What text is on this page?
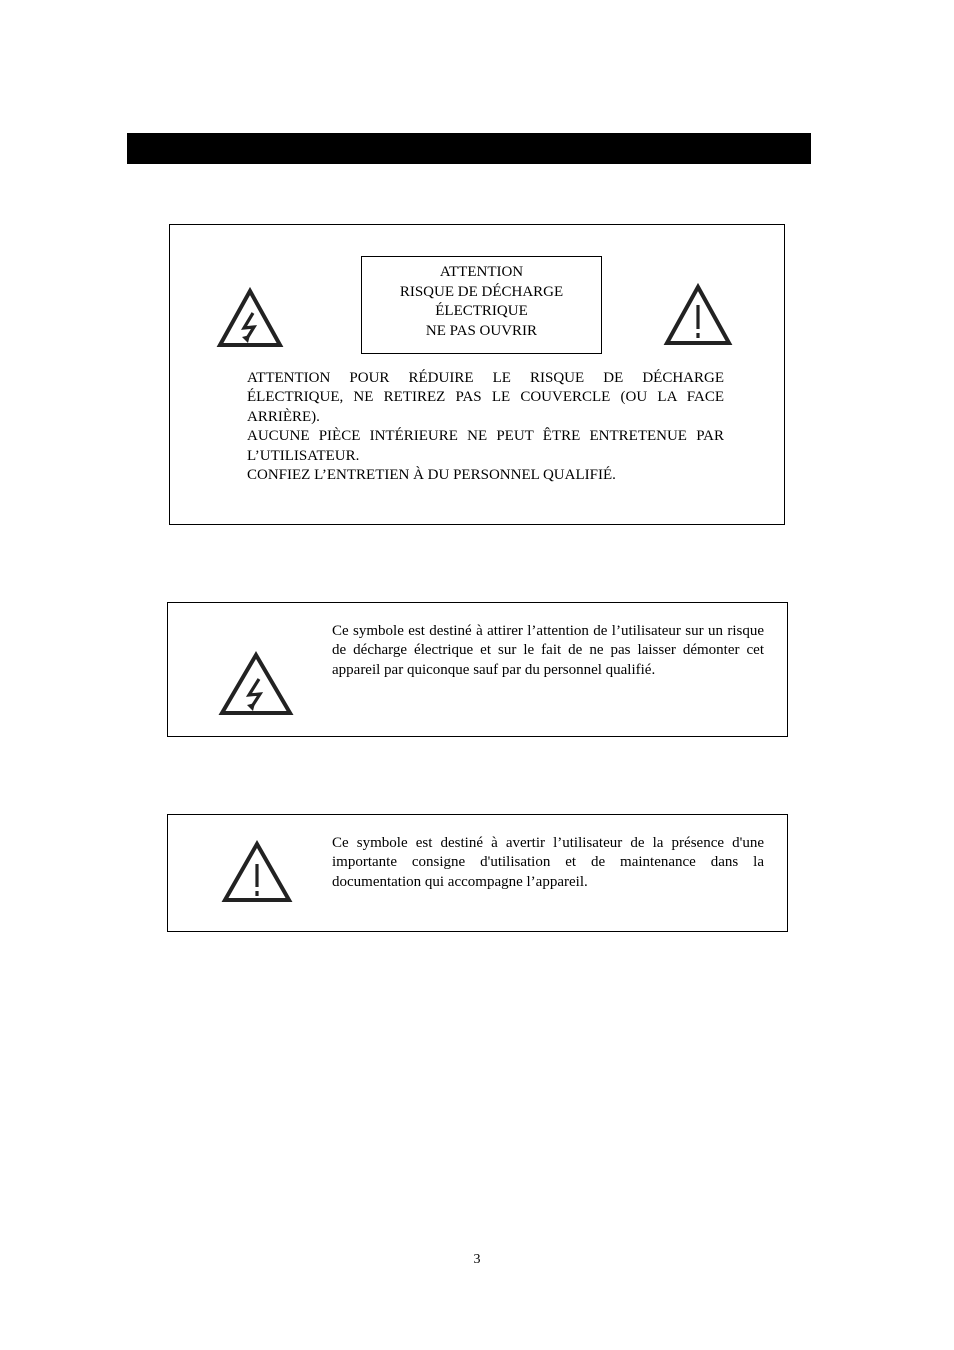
ATTENTION
RISQUE DE DÉCHARGE
ÉLECTRIQUE
NE PAS OUVRIR

ATTENTION POUR RÉDUIRE LE RISQUE DE DÉCHARGE ÉLECTRIQUE, NE RETIREZ PAS LE COUVERCLE (OU LA FACE ARRIÈRE).

AUCUNE PIÈCE INTÉRIEURE NE PEUT ÊTRE ENTRETENUE PAR L’UTILISATEUR.

CONFIEZ L’ENTRETIEN À DU PERSONNEL QUALIFIÉ.

Ce symbole est destiné à attirer l’attention de l’utilisateur sur un risque de décharge électrique et sur le fait de ne pas laisser démonter cet appareil par quiconque sauf par du personnel qualifié.
Ce symbole est destiné à avertir l’utilisateur de la présence d'une importante consigne d'utilisation et de maintenance dans la documentation qui accompagne l’appareil.
3
